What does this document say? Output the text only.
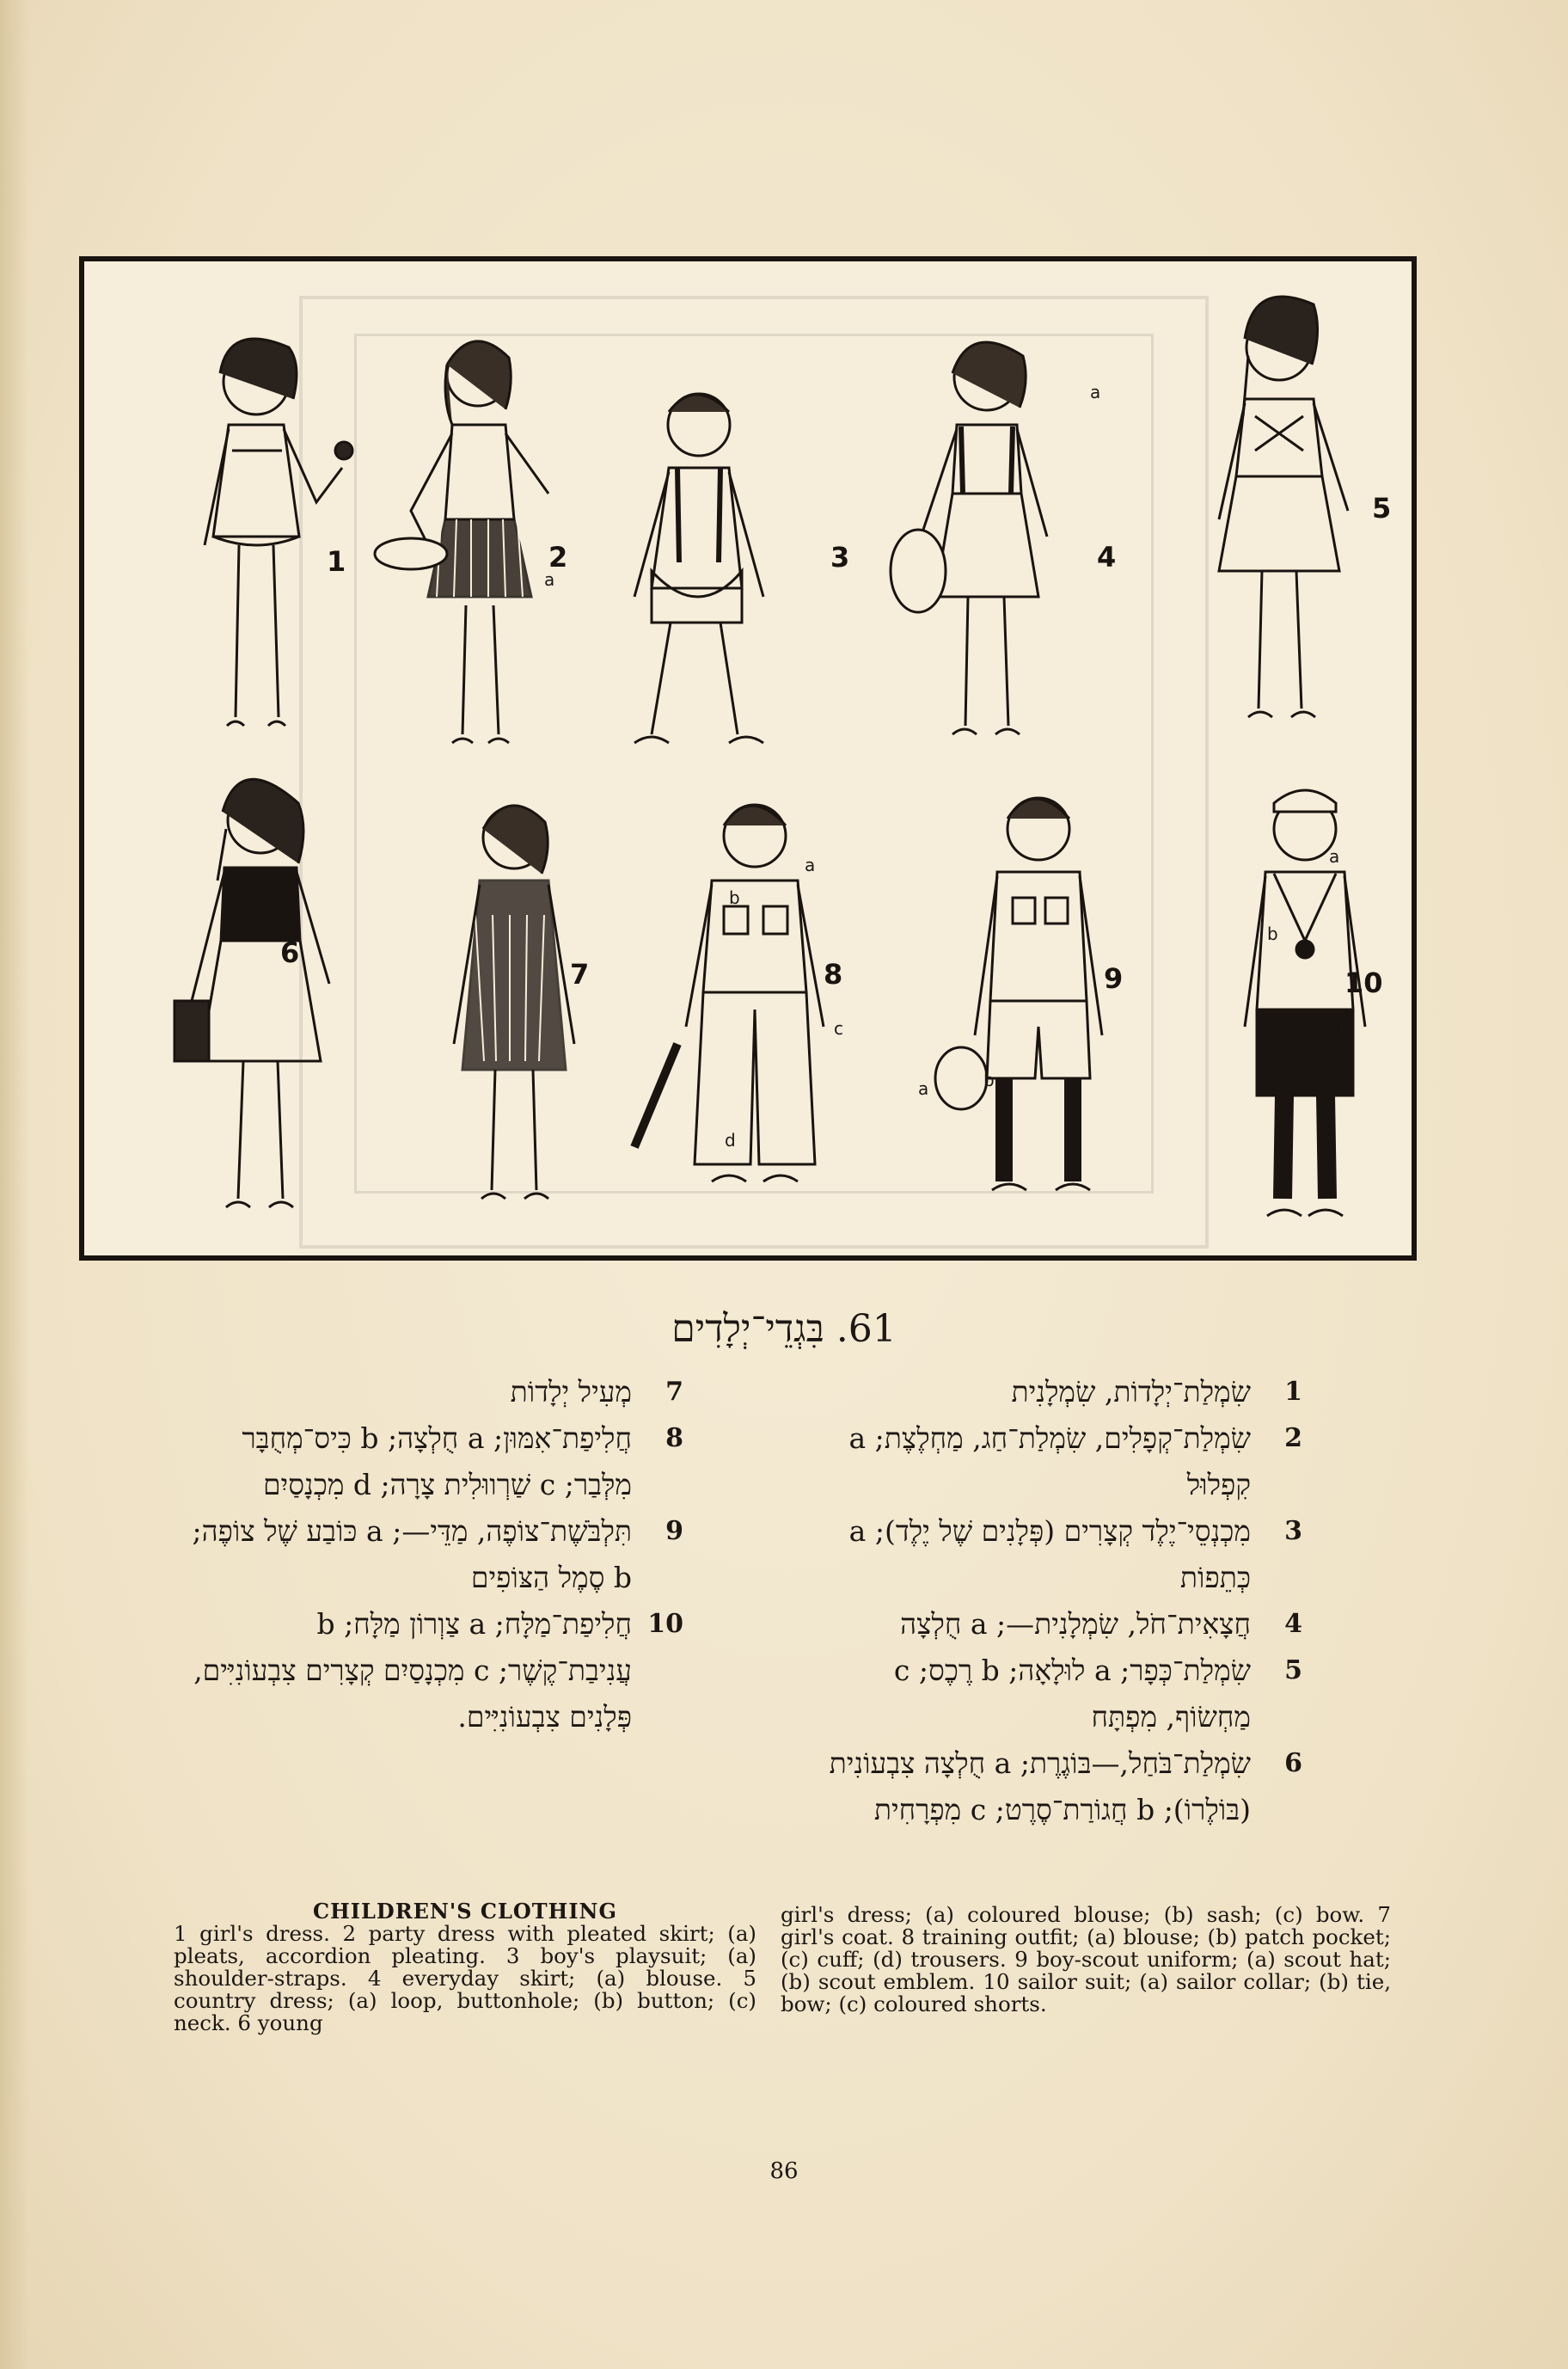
1	2
a
3	4
a
5
6
7	8
a
b
c
d
9
a	b
10
a
b
c
61. בִּגְדֵי־יְלָדִים
1
שִׂמְלַת־יְלָדוֹת, שִׂמְלָנִית
2
שִׂמְלַת־קְפָלִים, שִׂמְלַת־חַג, מַחְלֶצֶת; a קִפְלוּל
3
מִכְנְסֵי־יֶלֶד קְצָרִים (פְּלָנִים שֶׁל יֶלֶד); a כְּתֵפוֹת
4
חֲצָאִית־חֹל, שִׂמְלָנִית—; a חֻלְצָה
5
שִׂמְלַת־כְּפָר; a לוּלָאָה; b רֶכֶס; c מַחְשׂוֹף, מִפְתָּח
6
שִׂמְלַת־בֹּחַל,—בּוֹגֶרֶת; a חֻלְצָה צִבְעוֹנִית (בּוֹלֶרוֹ); b חֲגוֹרַת־סֶרֶט; c מִפְרָחִית
7
מְעִיל יְלָדוֹת
8
חֲלִיפַת־אִמּוּן; a חֻלְצָה; b כִּיס־מְחֻבָּר מִלְּבַר; c שַׁרְווּלִית צָרָה; d מִכְנָסַיִם
9
תִּלְבֹּשֶׁת־צוֹפֶה, מַדֵּי—; a כּוֹבַע שֶׁל צוֹפֶה; b סֶמֶל הַצּוֹפִים
10
חֲלִיפַת־מַלָּח; a צַוְרוֹן מַלָּח; b עֲנִיבַת־קֶשֶׁר; c מִכְנָסַיִם קְצָרִים צִבְעוֹנִיִּים, פְּלָנִים צִבְעוֹנִיִּים.
CHILDREN'S CLOTHING
1 girl's dress. 2 party dress with pleated skirt; (a) pleats, accordion pleating. 3 boy's playsuit; (a) shoulder-straps. 4 everyday skirt; (a) blouse. 5 country dress; (a) loop, buttonhole; (b) button; (c) neck. 6 young
girl's dress; (a) coloured blouse; (b) sash; (c) bow. 7 girl's coat. 8 training outfit; (a) blouse; (b) patch pocket; (c) cuff; (d) trousers. 9 boy-scout uniform; (a) scout hat; (b) scout emblem. 10 sailor suit; (a) sailor collar; (b) tie, bow; (c) coloured shorts.
86
